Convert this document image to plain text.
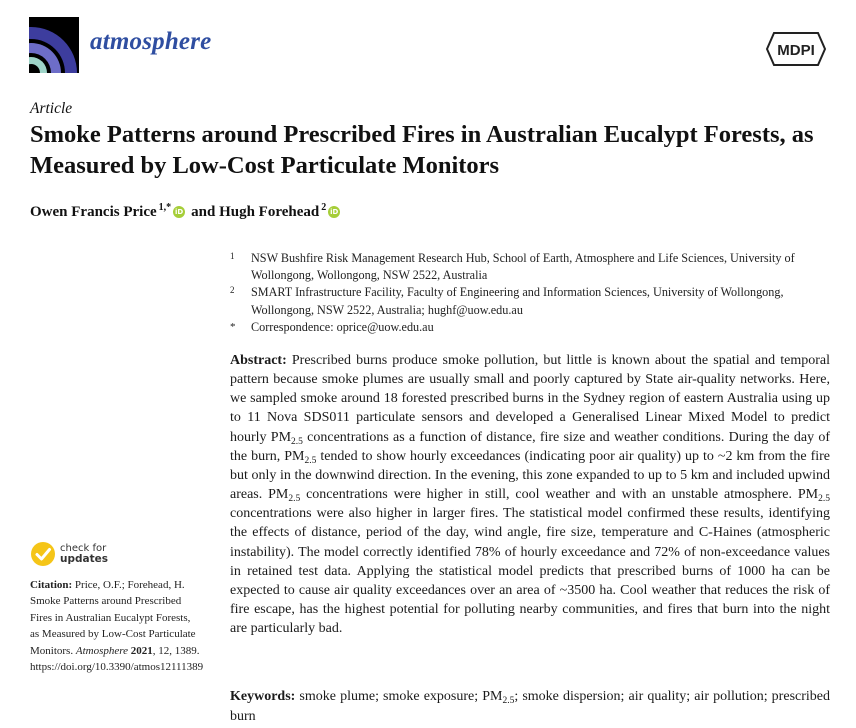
atmosphere	MDPI
Article
Smoke Patterns around Prescribed Fires in Australian Eucalypt Forests, as Measured by Low-Cost Particulate Monitors
Owen Francis Price$^{1,*}$ iD and Hugh Forehead$^2$ iD
1 NSW Bushfire Risk Management Research Hub, School of Earth, Atmosphere and Life Sciences, University of Wollongong, Wollongong, NSW 2522, Australia
2 SMART Infrastructure Facility, Faculty of Engineering and Information Sciences, University of Wollongong, Wollongong, NSW 2522, Australia; hughf@uow.edu.au
* Correspondence: oprice@uow.edu.au
Abstract: Prescribed burns produce smoke pollution, but little is known about the spatial and temporal pattern because smoke plumes are usually small and poorly captured by State air-quality networks. Here, we sampled smoke around 18 forested prescribed burns in the Sydney region of eastern Australia using up to 11 Nova SDS011 particulate sensors and developed a Generalised Linear Mixed Model to predict hourly $PM_{2.5}$ concentrations as a function of distance, fire size and weather conditions. During the day of the burn, $PM_{2.5}$ tended to show hourly exceedances (indicating poor air quality) up to ~2 km from the fire but only in the downwind direction. In the evening, this zone expanded to up to 5 km and included upwind areas. $PM_{2.5}$ concentrations were higher in still, cool weather and with an unstable atmosphere. $PM_{2.5}$ concentrations were also higher in larger fires. The statistical model confirmed these results, identifying the effects of distance, period of the day, wind angle, fire size, temperature and C-Haines (atmospheric instability). The model correctly identified 78% of hourly exceedance and 72% of non-exceedance values in retained test data. Applying the statistical model predicts that prescribed burns of 1000 ha can be expected to cause air quality exceedances over an area of ~3500 ha. Cool weather that reduces the risk of fire escape, has the highest potential for polluting nearby communities, and fires that burn into the night are particularly bad.
Keywords: smoke plume; smoke exposure; $PM_{2.5}$; smoke dispersion; air quality; air pollution; prescribed burn
check for
updates
Citation: Price, O.F.; Forehead, H. Smoke Patterns around Prescribed Fires in Australian Eucalypt Forests, as Measured by Low-Cost Particulate Monitors. Atmosphere 2021, 12, 1389. https://doi.org/10.3390/atmos12111389
